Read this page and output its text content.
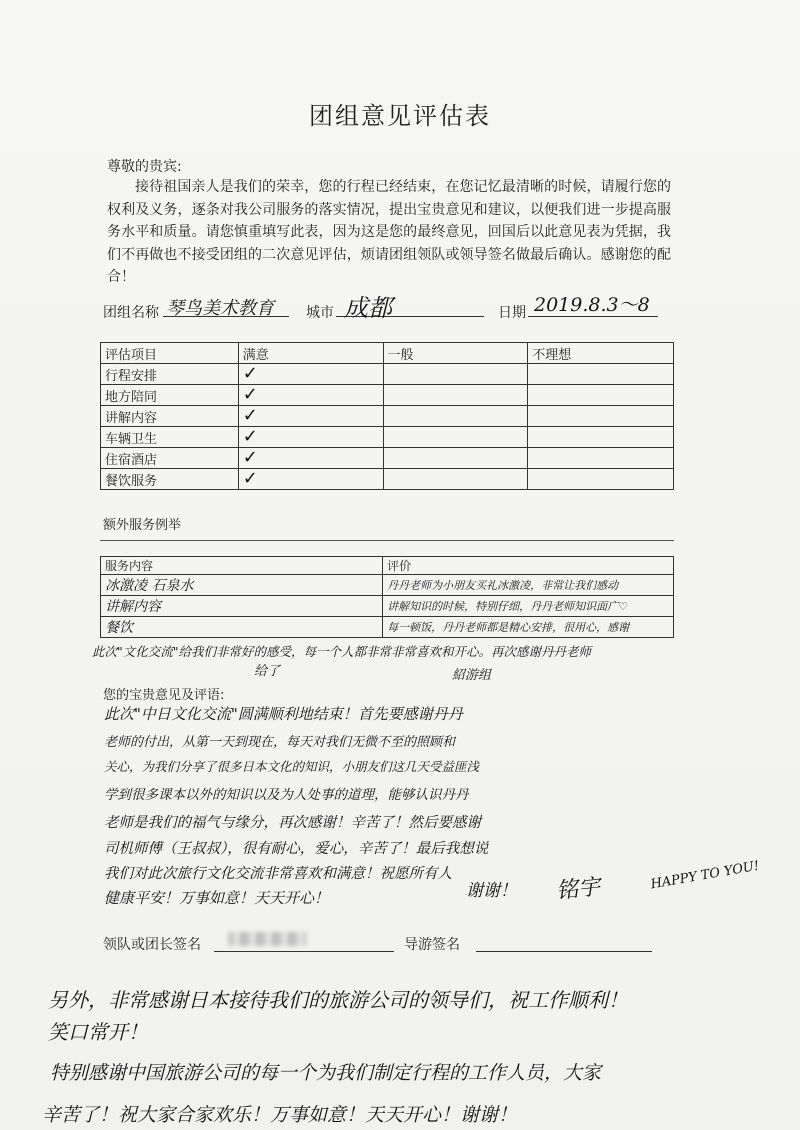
团组意见评估表
尊敬的贵宾:
接待祖国亲人是我们的荣幸，您的行程已经结束，在您记忆最清晰的时候，请履行您的权利及义务，逐条对我公司服务的落实情况，提出宝贵意见和建议，以便我们进一步提高服务水平和质量。请您慎重填写此表，因为这是您的最终意见，回国后以此意见表为凭据，我们不再做也不接受团组的二次意见评估，烦请团组领队或领导签名做最后确认。感谢您的配合！
团组名称 琴鸟美术教育 城市 成都	日期 2019.8.3～8
评估项目	满意	一般	不理想
行程安排	✓		
地方陪同	✓		
讲解内容	✓		
车辆卫生	✓		
住宿酒店	✓		
餐饮服务	✓		
额外服务例举
服务内容	评价
冰激凌 石泉水	丹丹老师为小朋友买礼冰激凌，非常让我们感动
讲解内容	讲解知识的时候，特别仔细，丹丹老师知识面广♡
餐饮	每一顿饭，丹丹老师都是精心安排，很用心，感谢
此次"文化交流"给我们非常好的感受，每一个人都非常非常喜欢和开心。再次感谢丹丹老师
给了	紹游组
您的宝贵意见及评语:
此次"中日文化交流"圆满顺利地结束！首先要感谢丹丹
老师的付出，从第一天到现在，每天对我们无微不至的照顾和
关心，为我们分享了很多日本文化的知识，小朋友们这几天受益匪浅
学到很多课本以外的知识以及为人处事的道理，能够认识丹丹
老师是我们的福气与缘分，再次感谢！辛苦了！然后要感谢
司机师傅（王叔叔），很有耐心，爱心，辛苦了！最后我想说
我们对此次旅行文化交流非常喜欢和满意！祝愿所有人
健康平安！万事如意！天天开心！	谢谢！ 铭宇	HAPPY TO YOU!
领队或团长签名	导游签名
另外，非常感谢日本接待我们的旅游公司的领导们，祝工作顺利！
笑口常开！
特别感谢中国旅游公司的每一个为我们制定行程的工作人员，大家
辛苦了！祝大家合家欢乐！万事如意！天天开心！谢谢！
